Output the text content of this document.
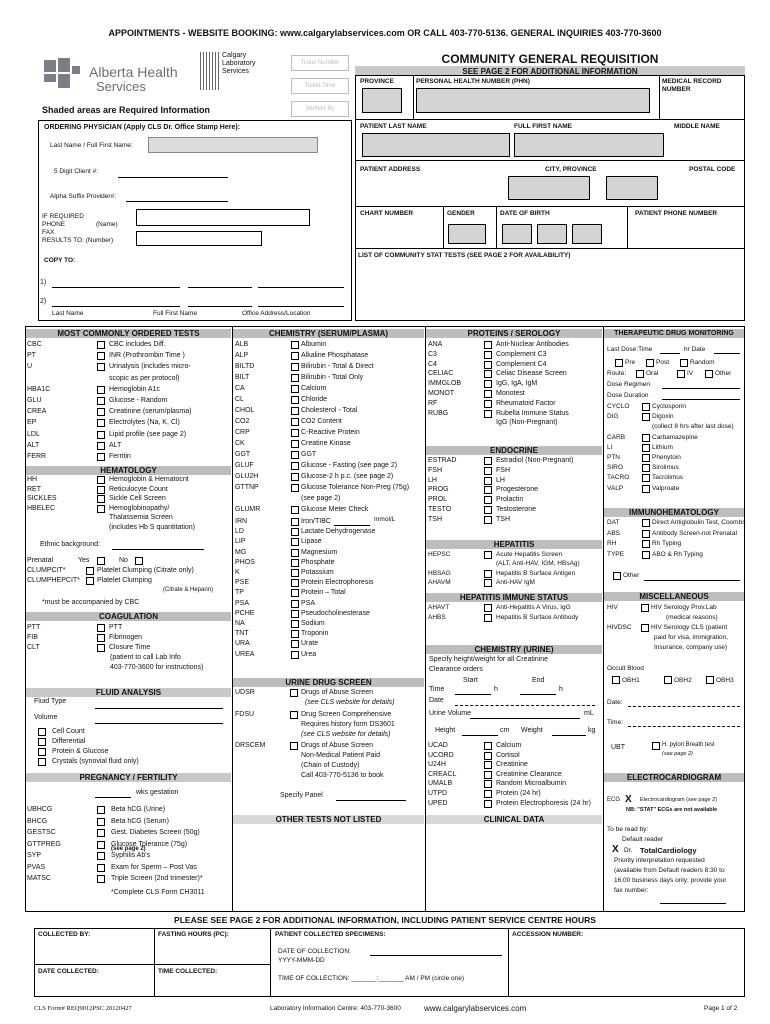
APPOINTMENTS - WEBSITE BOOKING: www.calgarylabservices.com OR CALL 403-770-5136. GENERAL INQUIRIES 403-770-3600
Alberta Health
Services
Calgary
Laboratory
Services
Ticket Number
Ticket Time
Verified By
Shaded areas are Required Information
COMMUNITY GENERAL REQUISITION
SEE PAGE 2 FOR ADDITIONAL INFORMATION
PROVINCE	PERSONAL HEALTH NUMBER (PHN)	MEDICAL RECORD
NUMBER
PATIENT LAST NAME	FULL FIRST NAME	MIDDLE NAME
PATIENT ADDRESS	CITY, PROVINCE	POSTAL CODE
CHART NUMBER	GENDER	DATE OF BIRTH	PATIENT PHONE NUMBER
LIST OF COMMUNITY STAT TESTS (SEE PAGE 2 FOR AVAILABILITY)
ORDERING PHYSICIAN (Apply CLS Dr. Office Stamp Here):
Last Name / Full First Name:
5 Digit Client #:
Alpha Suffix Provider#:
IF REQUIRED
PHONE	(Name)
FAX
RESULTS TO: (Number)
COPY TO:
1)
2)
Last Name	Full First Name	Office Address/Location
MOST COMMONLY ORDERED TESTS
CBC	CBC includes Diff.
PT	INR (Prothrombin Time )
U	Urinalysis (includes micro-
scopic as per protocol)
HBA1C	Hemoglobin A1c
GLU	Glucose - Random
CREA	Creatinine (serum/plasma)
EP	Electrolytes (Na, K, Cl)
LDL	Lipid profile (see page 2)
ALT	ALT
FERR	Ferritin
HEMATOLOGY
HH	Hemoglobin & Hematocrit
RET	Reticulocyte Count
SICKLES	Sickle Cell Screen
HBELEC	Hemoglobinopathy/
Thalassemia Screen
(includes Hb S quantitation)
Ethnic background:
Prenatal	Yes	No
CLUMPCIT*	Platelet Clumping (Citrate only)
CLUMPHEPCIT* Platelet Clumping
(Citrate & Heparin)
*must be accompanied by CBC
COAGULATION
PTT	PTT
FIB	Fibrinogen
CLT	Closure Time
(patient to call Lab Info
403-770-3600 for instructions)
FLUID ANALYSIS
Fluid Type
Volume
Cell Count
Differential
Protein & Glucose
Crystals (synovial fluid only)
PREGNANCY / FERTILITY
wks gestation
UBHCG	Beta hCG (Urine)
BHCG	Beta hCG (Serum)
GESTSC	Gest. Diabetes Screen (50g)
GTTPREG	Glucose Tolerance (75g)
SYP	Syphilis Ab's
PVAS	Exam for Sperm – Post Vas
MATSC	Triple Screen (2nd trimester)*
(see page 2)
*Complete CLS Form CH3011
CHEMISTRY (SERUM/PLASMA)
ALB	Albumin
ALP	Alkaline Phosphatase
BILTD	Bilirubin - Total & Direct
BILT	Bilirubin - Total Only
CA	Calcium
CL	Chloride
CHOL	Cholesterol - Total
CO2	CO2 Content
CRP	C-Reactive Protein
CK	Creatine Kinase
GGT	GGT
GLUF	Glucose - Fasting (see page 2)
GLU2H	Glucose-2 h p.c. (see page 2)
GTTNP	Glucose Tolerance Non-Preg (75g)
(see page 2)
GLUMR	Glucose Meter Check
IRN	Iron/TIBC
LD	Lactate Dehydrogenase
LIP	Lipase
MG	Magnesium
PHOS	Phosphate
K	Potassium
PSE	Protein Electrophoresis
TP	Protein – Total
PSA	PSA
PCHE	Pseudocholinesterase
NA	Sodium
TNT	Troponin
URA	Urate
UREA	Urea
mmol/L
URINE DRUG SCREEN
UDSR	Drugs of Abuse Screen
(see CLS website for details)
FDSU	Drug Screen Comprehensive
Requires history form DS3601
(see CLS website for details)
DRSCEM	Drugs of Abuse Screen
Non-Medical Patient Paid
(Chain of Custody)
Call 403-770-5136 to book
Specify Panel
OTHER TESTS NOT LISTED
PROTEINS / SEROLOGY
ANA	Anti-Nuclear Antibodies
C3	Complement C3
C4	Complement C4
CELIAC	Celiac Disease Screen
IMMGLOB	IgG, IgA, IgM
MONOT	Monotest
RF	Rheumatoid Factor
RUBG	Rubella Immune Status
IgG (Non-Pregnant)
ENDOCRINE
ESTRAD	Estradiol (Non-Pregnant)
FSH	FSH
LH	LH
PROG	Progesterone
PROL	Prolactin
TESTO	Testosterone
TSH	TSH
HEPATITIS
HEPSC	Acute Hepatitis Screen
(ALT, Anti-HAV, IGM, HBsAg)
HBSAG	Hepatitis B Surface Antigen
AHAVM	Anti-HAV IgM
HEPATITIS IMMUNE STATUS
AHAVT	Anti-Hepatitis A Virus, IgG
AHBS	Hepatitis B Surface Antibody
CHEMISTRY (URINE)
Specify height/weight for all Creatinine
Clearance orders
Start	End
Time	h	h
Date
Urine Volume	mL
Height	cm Weight	kg
UCAD	Calcium
UCORD	Cortisol
U24H	Creatinine
CREACL	Creatinine Clearance
UMALB	Random Microalbumin
UTPD	Protein (24 hr)
UPED	Protein Electrophoresis (24 hr)
CLINICAL DATA
THERAPEUTIC DRUG MONITORING
Last Dose:Time	hr Date
Pre	Post	Random
Route:	Oral	IV	Other
Dose Regimen
Dose Duration
CYCLO	Cyclosporin
DIG	Digoxin
(collect 8 hrs after last dose)
CARB	Carbamazepine
LI	Lithium
PTN	Phenytoin
SIRO	Sirolimus
TACRO	Tacrolimus
VALP	Valproate
IMMUNOHEMATOLOGY
DAT	Direct Antiglobulin Test, Coombs
ABS	Antibody Screen-not Prenatal
RH	Rh Typing
TYPE	ABO & Rh Typing
Other
MISCELLANEOUS
HIV	HIV Serology Prov.Lab
(medical reasons)
HIVDSC	HIV Serology CLS (patient
paid for visa, immigration,
Insurance, company use)
Occult Blood
OBH1	OBH2	OBH3
Date:
Time:
UBT	H. pylori Breath test
(see page 2)
ELECTROCARDIOGRAM
ECG X Electrocardiogram (see page 2)
NB: "STAT" ECGs are not available
To be read by:
Default reader
X Dr. TotalCardiology
Priority interpretation requested
(available from Default readers 8:30 to
16:00 business days only; provide your
fax number:
PLEASE SEE PAGE 2 FOR ADDITIONAL INFORMATION, INCLUDING PATIENT SERVICE CENTRE HOURS
COLLECTED BY:	FASTING HOURS (PC):	PATIENT COLLECTED SPECIMENS:	ACCESSION NUMBER:
DATE OF COLLECTION:
YYYY-MMM-DD
DATE COLLECTED:	TIME COLLECTED:
TIME OF COLLECTION: _______:_______ AM / PM (circle one)
CLS Form# REQ9012PSC 20120427	Laboratory Information Centre: 403-770-3600	www.calgarylabservices.com	Page 1 of 2
